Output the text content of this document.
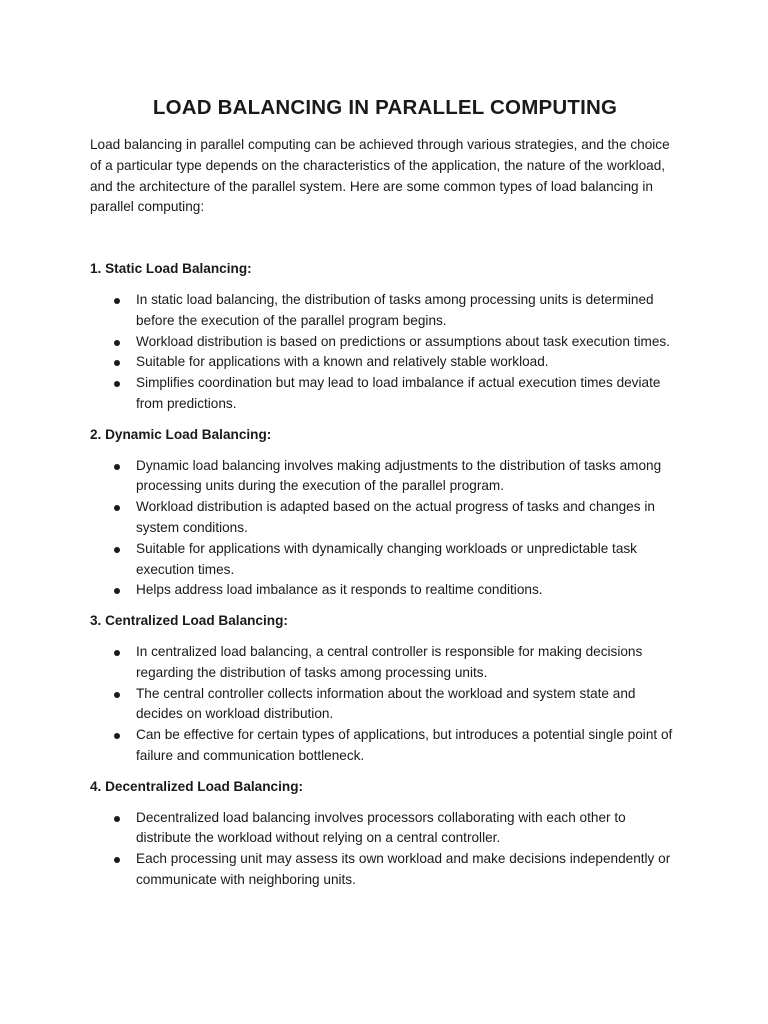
LOAD BALANCING IN PARALLEL COMPUTING

Load balancing in parallel computing can be achieved through various strategies, and the choice of a particular type depends on the characteristics of the application, the nature of the workload, and the architecture of the parallel system. Here are some common types of load balancing in parallel computing:

1. Static Load Balancing:

In static load balancing, the distribution of tasks among processing units is determined before the execution of the parallel program begins.
Workload distribution is based on predictions or assumptions about task execution times.
Suitable for applications with a known and relatively stable workload.
Simplifies coordination but may lead to load imbalance if actual execution times deviate from predictions.

2. Dynamic Load Balancing:

Dynamic load balancing involves making adjustments to the distribution of tasks among processing units during the execution of the parallel program.
Workload distribution is adapted based on the actual progress of tasks and changes in system conditions.
Suitable for applications with dynamically changing workloads or unpredictable task execution times.
Helps address load imbalance as it responds to realtime conditions.

3. Centralized Load Balancing:

In centralized load balancing, a central controller is responsible for making decisions regarding the distribution of tasks among processing units.
The central controller collects information about the workload and system state and decides on workload distribution.
Can be effective for certain types of applications, but introduces a potential single point of failure and communication bottleneck.

4. Decentralized Load Balancing:

Decentralized load balancing involves processors collaborating with each other to distribute the workload without relying on a central controller.
Each processing unit may assess its own workload and make decisions independently or communicate with neighboring units.
